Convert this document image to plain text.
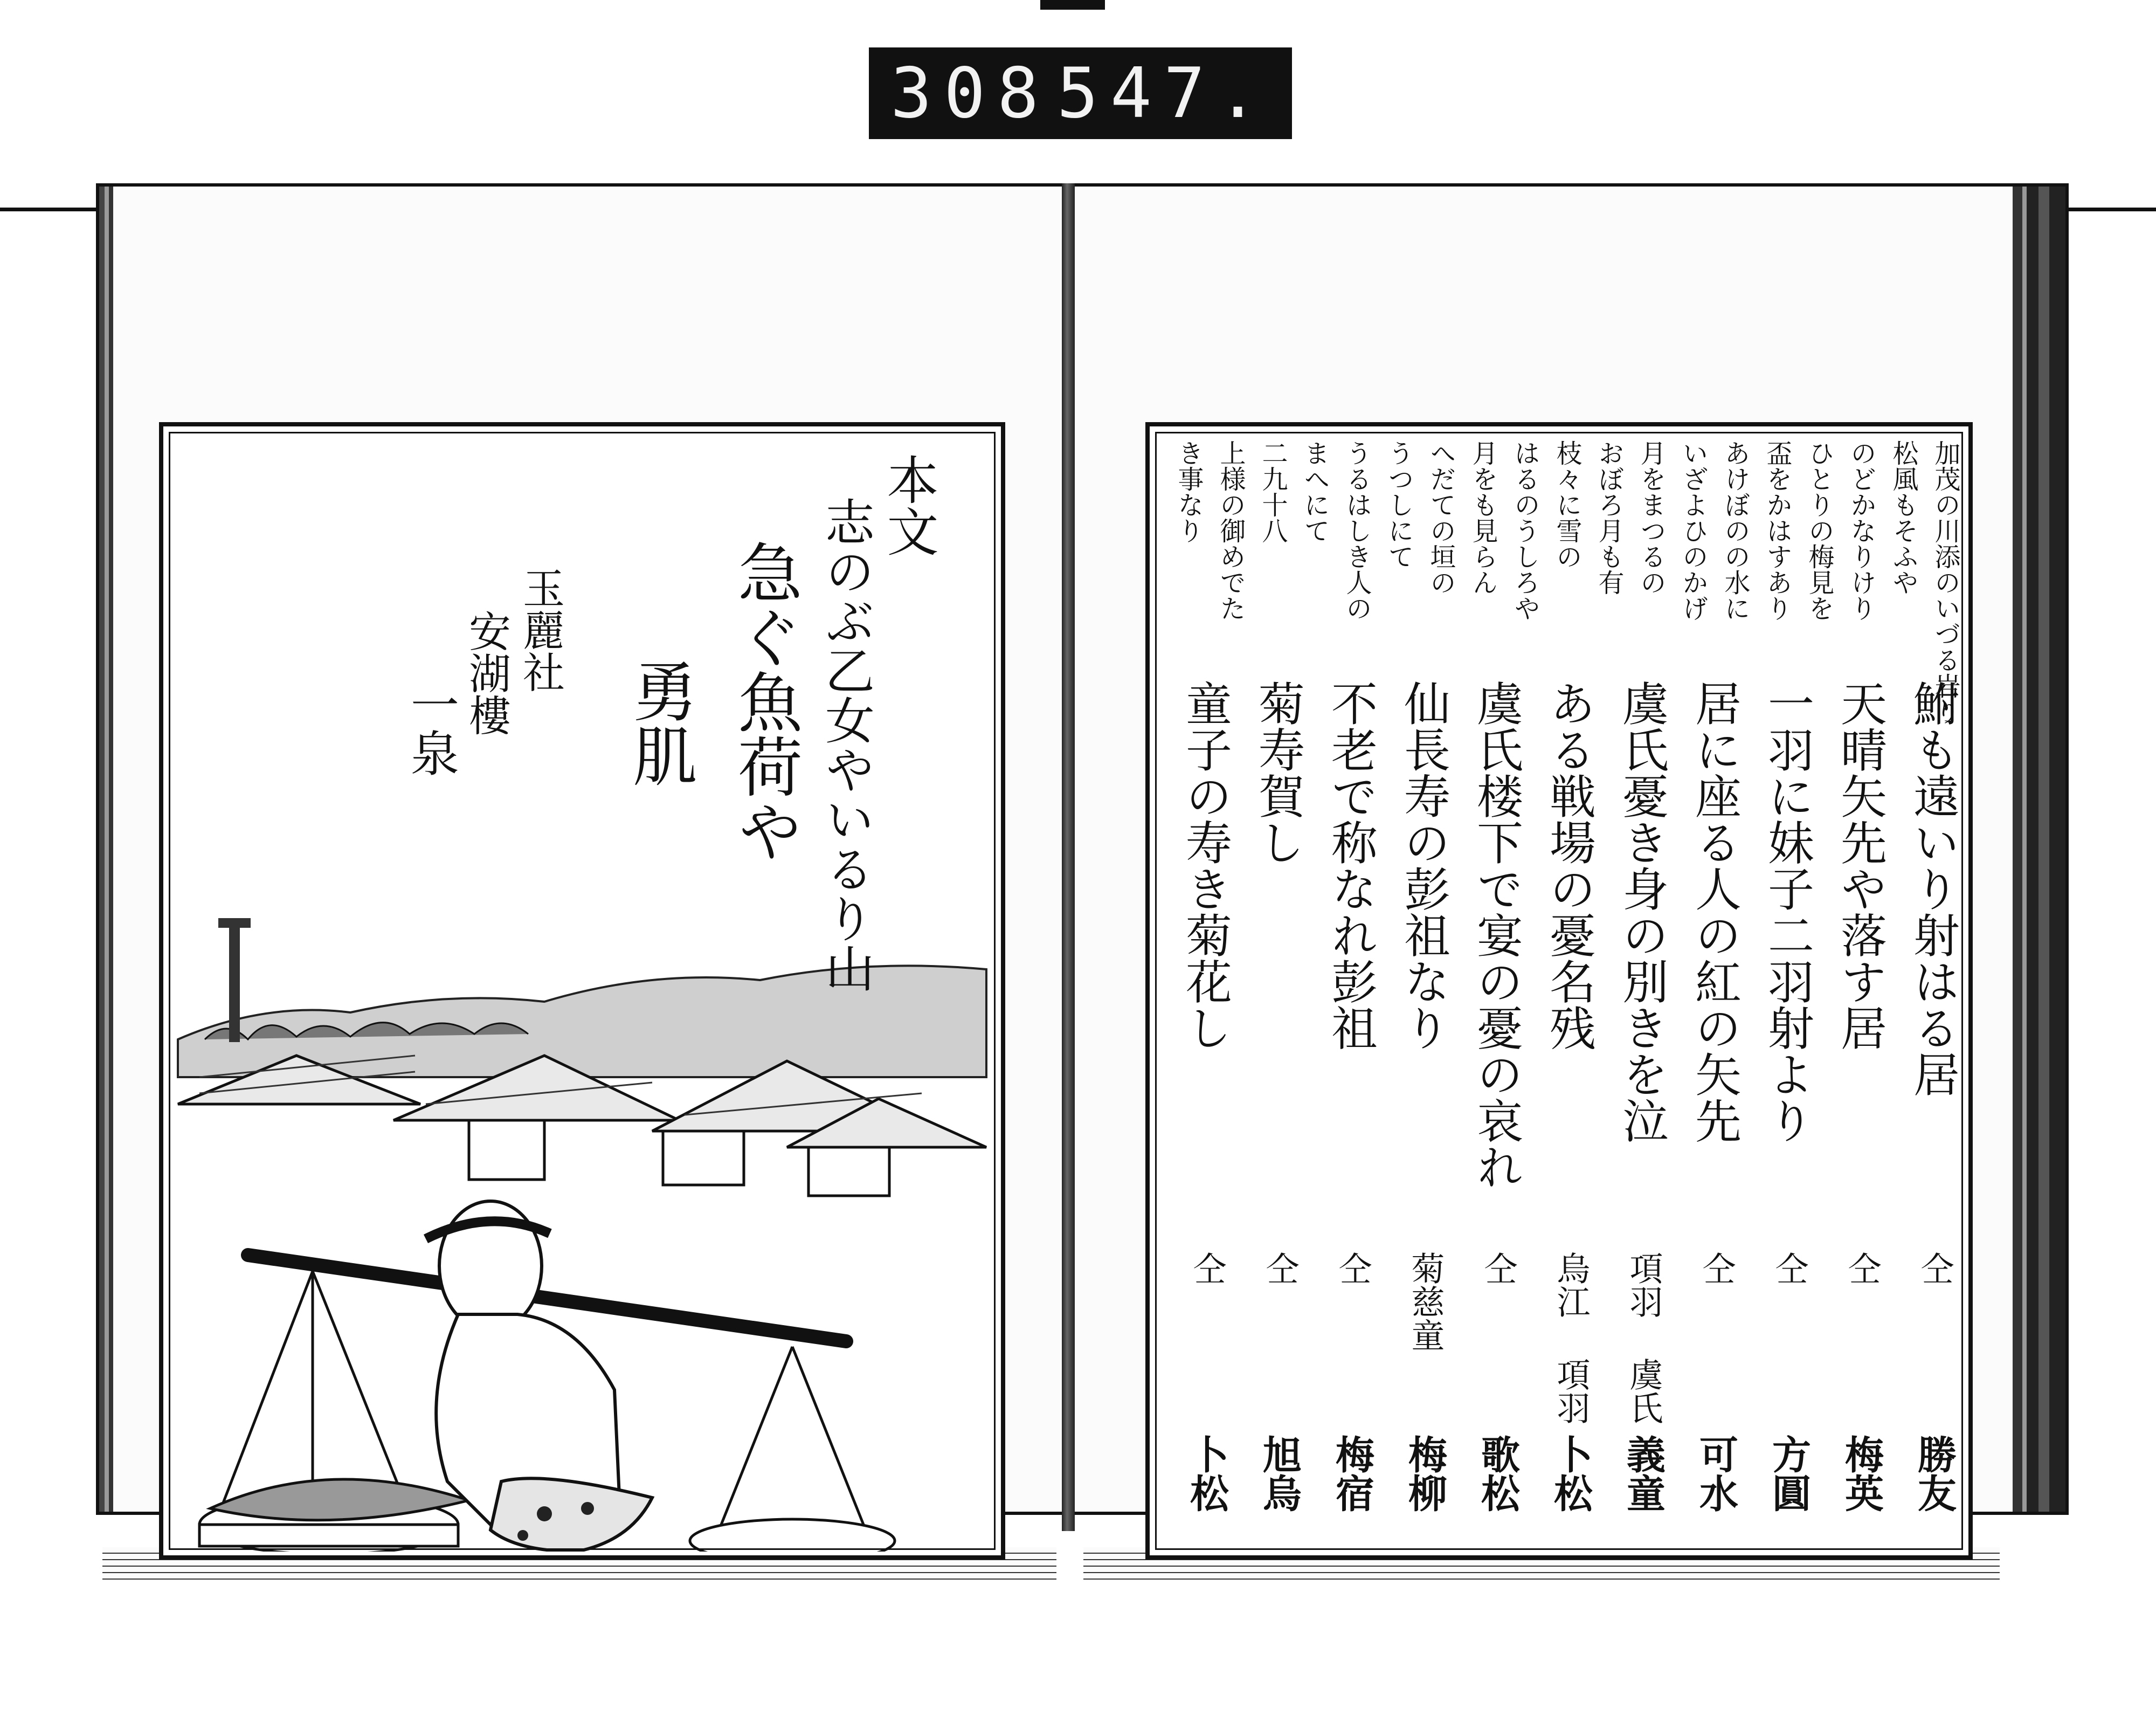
308 547.
本文
志のぶ乙女やいるり山
急ぐ魚荷や
勇肌
玉麗社
安湖樓
一泉
加茂の川添のいづる岩り
松風もそふや
のどかなりけり
ひとりの梅見を
盃をかはすあり
あけぼのの水に
いざよひのかげ
月をまつるの
おぼろ月も有
枝々に雪の
はるのうしろや
月をも見らん
へだての垣の
うつしにて
うるはしき人の
まへにて
二九十八
上様の御めでた
き事なり
鮒も遠いり射はる居
仝
勝友
天晴矢先や落す居
仝
梅英
一羽に妹子二羽射より
仝
方圓
居に座る人の紅の矢先
仝
可水
虞氏憂き身の別きを泣
項羽 虞氏
義童
ある戦場の憂名残
烏江 項羽
卜松
虞氏楼下で宴の憂の哀れ
仝
歌松
仙長寿の彭祖なり
菊慈童
梅柳
不老で称なれ彭祖
仝
梅宿
菊寿賀し
仝
旭烏
童子の寿き菊花し
仝
卜松
